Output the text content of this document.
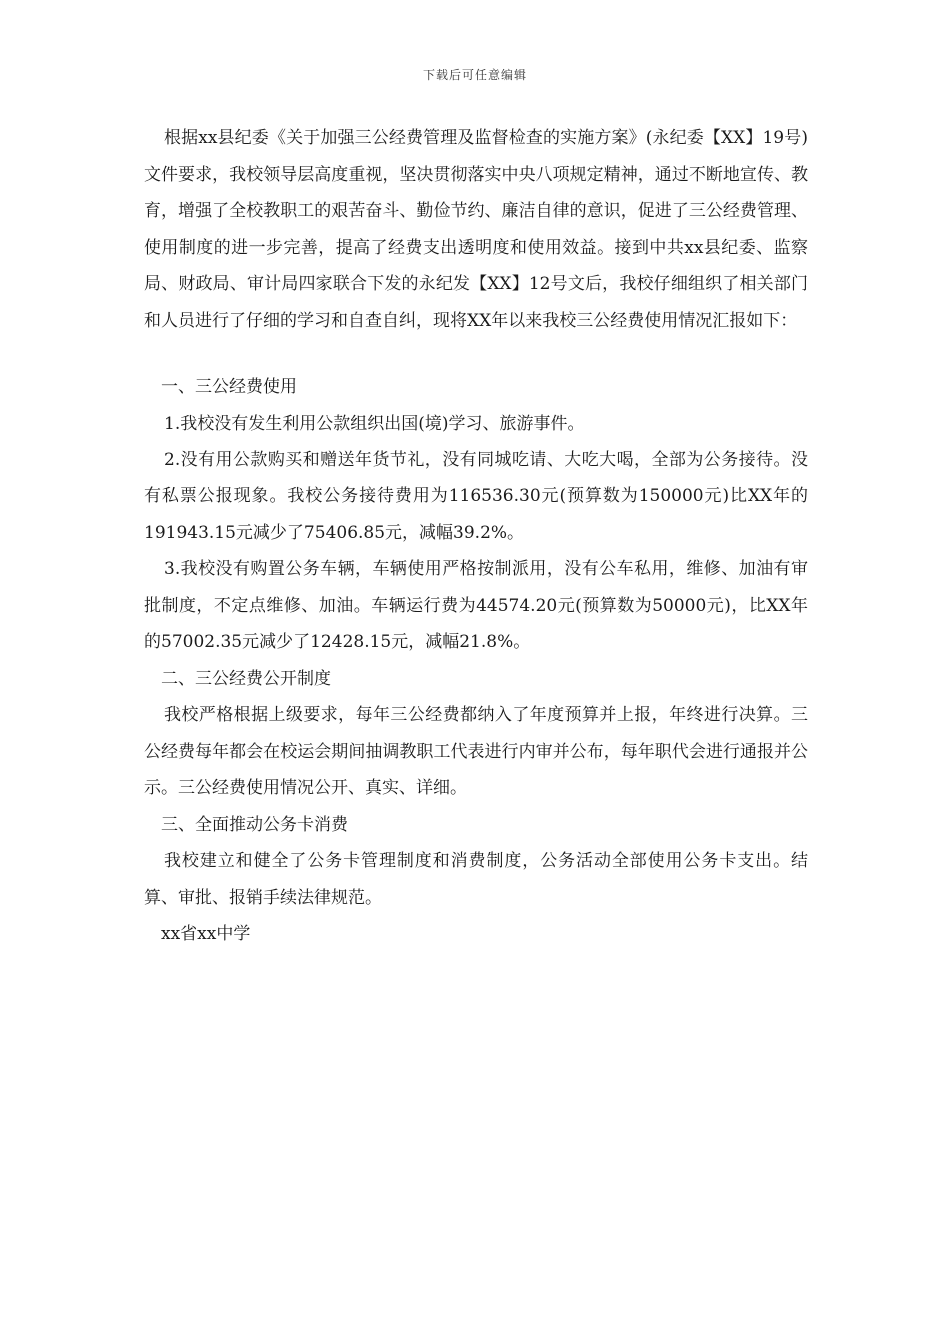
下载后可任意编辑

根据xx县纪委《关于加强三公经费管理及监督检查的实施方案》(永纪委【XX】19号)文件要求，我校领导层高度重视，坚决贯彻落实中央八项规定精神，通过不断地宣传、教育，增强了全校教职工的艰苦奋斗、勤俭节约、廉洁自律的意识，促进了三公经费管理、使用制度的进一步完善，提高了经费支出透明度和使用效益。接到中共xx县纪委、监察局、财政局、审计局四家联合下发的永纪发【XX】12号文后，我校仔细组织了相关部门和人员进行了仔细的学习和自查自纠，现将XX年以来我校三公经费使用情况汇报如下：

一、三公经费使用

1.我校没有发生利用公款组织出国(境)学习、旅游事件。

2.没有用公款购买和赠送年货节礼，没有同城吃请、大吃大喝，全部为公务接待。没有私票公报现象。我校公务接待费用为116536.30元(预算数为150000元)比XX年的191943.15元减少了75406.85元，减幅39.2%。

3.我校没有购置公务车辆，车辆使用严格按制派用，没有公车私用，维修、加油有审批制度，不定点维修、加油。车辆运行费为44574.20元(预算数为50000元)，比XX年的57002.35元减少了12428.15元，减幅21.8%。

二、三公经费公开制度

我校严格根据上级要求，每年三公经费都纳入了年度预算并上报，年终进行决算。三公经费每年都会在校运会期间抽调教职工代表进行内审并公布，每年职代会进行通报并公示。三公经费使用情况公开、真实、详细。

三、全面推动公务卡消费

我校建立和健全了公务卡管理制度和消费制度，公务活动全部使用公务卡支出。结算、审批、报销手续法律规范。

xx省xx中学
